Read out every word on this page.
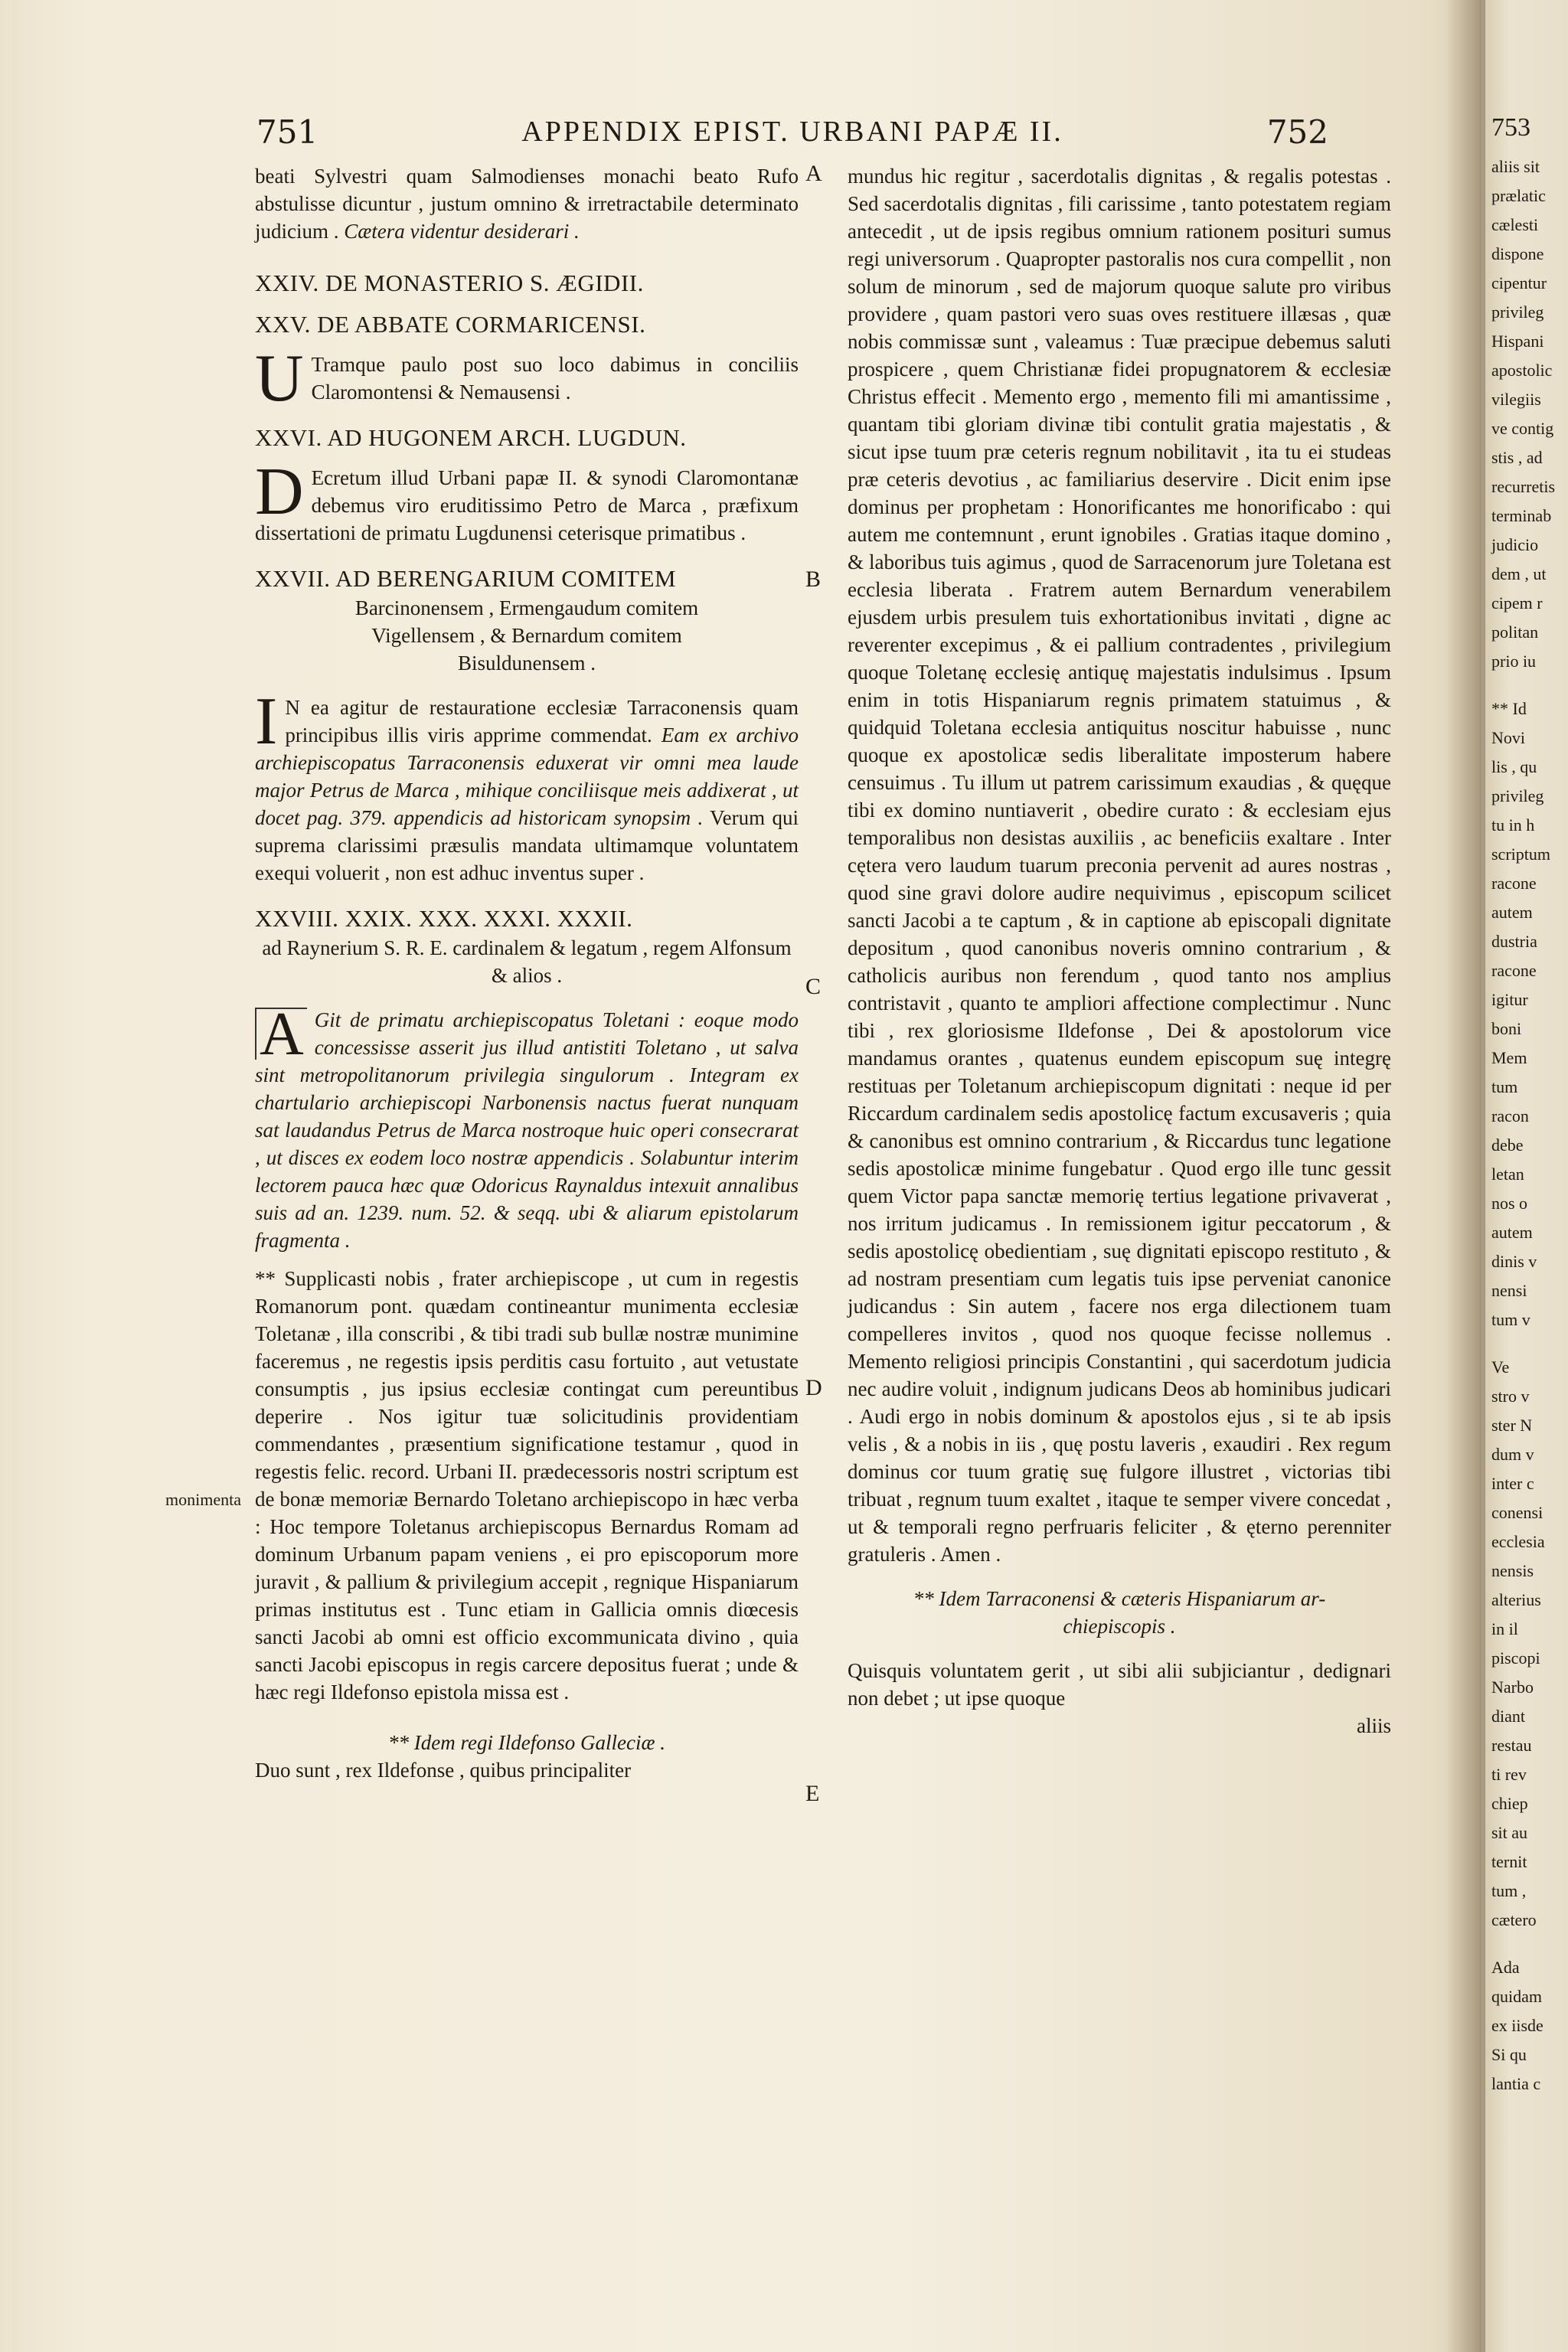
751	APPENDIX EPIST. URBANI PAPÆ II.	752
A
B
C
D
E
monimenta

beati Sylvestri quam Salmodienses monachi beato Rufo abstulisse dicuntur , justum omnino & irretractabile determinato judicium . Cætera videntur desiderari .

XXIV. DE MONASTERIO S. ÆGIDII.
XXV. DE ABBATE CORMARICENSI.

U Tramque paulo post suo loco dabimus in conciliis Claromontensi & Nemausensi .

XXVI. AD HUGONEM ARCH. LUGDUN.

D Ecretum illud Urbani papæ II. & synodi Claromontanæ debemus viro eruditissimo Petro de Marca , præfixum dissertationi de primatu Lugdunensi ceterisque primatibus .

XXVII. AD BERENGARIUM COMITEM

Barcinonensem , Ermengaudum comitem

Vigellensem , & Bernardum comitem

Bisuldunensem .

I N ea agitur de restauratione ecclesiæ Tarraconensis quam principibus illis viris apprime commendat. Eam ex archivo archiepiscopatus Tarraconensis eduxerat vir omni mea laude major Petrus de Marca , mihique conciliisque meis addixerat , ut docet pag. 379. appendicis ad historicam synopsim . Verum qui suprema clarissimi præsulis mandata ultimamque voluntatem exequi voluerit , non est adhuc inventus super .

XXVIII. XXIX. XXX. XXXI. XXXII.

ad Raynerium S. R. E. cardinalem & legatum , regem Alfonsum & alios .

A Git de primatu archiepiscopatus Toletani : eoque modo concessisse asserit jus illud antistiti Toletano , ut salva sint metropolitanorum privilegia singulorum . Integram ex chartulario archiepiscopi Narbonensis nactus fuerat nunquam sat laudandus Petrus de Marca nostroque huic operi consecrarat , ut disces ex eodem loco nostræ appendicis . Solabuntur interim lectorem pauca hæc quæ Odoricus Raynaldus intexuit annalibus suis ad an. 1239. num. 52. & seqq. ubi & aliarum epistolarum fragmenta .

** Supplicasti nobis , frater archiepiscope , ut cum in regestis Romanorum pont. quædam contineantur munimenta ecclesiæ Toletanæ , illa conscribi , & tibi tradi sub bullæ nostræ munimine faceremus , ne regestis ipsis perditis casu fortuito , aut vetustate consumptis , jus ipsius ecclesiæ contingat cum pereuntibus deperire . Nos igitur tuæ solicitudinis providentiam commendantes , præsentium significatione testamur , quod in regestis felic. record. Urbani II. prædecessoris nostri scriptum est de bonæ memoriæ Bernardo Toletano archiepiscopo in hæc verba : Hoc tempore Toletanus archiepiscopus Bernardus Romam ad dominum Urbanum papam veniens , ei pro episcoporum more juravit , & pallium & privilegium accepit , regnique Hispaniarum primas institutus est . Tunc etiam in Gallicia omnis diœcesis sancti Jacobi ab omni est officio excommunicata divino , quia sancti Jacobi episcopus in regis carcere depositus fuerat ; unde & hæc regi Ildefonso epistola missa est .

** Idem regi Ildefonso Galleciæ .

Duo sunt , rex Ildefonse , quibus principaliter

mundus hic regitur , sacerdotalis dignitas , & regalis potestas . Sed sacerdotalis dignitas , fili carissime , tanto potestatem regiam antecedit , ut de ipsis regibus omnium rationem positurі sumus regi universorum . Quapropter pastoralis nos cura compellit , non solum de minorum , sed de majorum quoque salute pro viribus providere , quam pastori vero suas oves restituere illæsas , quæ nobis commissæ sunt , valeamus : Tuæ præcipue debemus saluti prospicere , quem Christianæ fidei propugnatorem & ecclesiæ Christus effecit . Memento ergo , memento fili mi amantissime , quantam tibi gloriam divinæ tibi contulit gratia majestatis , & sicut ipse tuum præ ceteris regnum nobilitavit , ita tu ei studeas præ ceteris devotius , ac familiarius deservire . Dicit enim ipse dominus per prophetam : Honorificantes me honorificabo : qui autem me contemnunt , erunt ignobiles . Gratias itaque domino , & laboribus tuis agimus , quod de Sarracenorum jure Toletana est ecclesia liberata . Fratrem autem Bernardum venerabilem ejusdem urbis presulem tuis exhortationibus invitati , digne ac reverenter excepimus , & ei pallium contradentes , privilegium quoque Toletanę ecclesię antiquę majestatis indulsimus . Ipsum enim in totis Hispaniarum regnis primatem statuimus , & quidquid Toletana ecclesia antiquitus noscitur habuisse , nunc quoque ex apostolicæ sedis liberalitate imposterum habere censuimus . Tu illum ut patrem carissimum exaudias , & quęque tibi ex domino nuntiaverit , obedire curato : & ecclesiam ejus temporalibus non desistas auxiliis , ac beneficiis exaltare . Inter cętera vero laudum tuarum preconia pervenit ad aures nostras , quod sine gravi dolore audire nequivimus , episcopum scilicet sancti Jacobi a te captum , & in captione ab episcopali dignitate depositum , quod canonibus noveris omnino contrarium , & catholicis auribus non ferendum , quod tanto nos amplius contristavit , quanto te ampliori affectione complectimur . Nunc tibi , rex gloriosisme Ildefonse , Dei & apostolorum vice mandamus orantes , quatenus eundem episcopum suę integrę restituas per Toletanum archiepiscopum dignitati : neque id per Riccardum cardinalem sedis apostolicę factum excusaveris ; quia & canonibus est omnino contrarium , & Riccardus tunc legatione sedis apostolicæ minime fungebatur . Quod ergo ille tunc gessit quem Victor papa sanctæ memorię tertius legatione privaverat , nos irritum judicamus . In remissionem igitur peccatorum , & sedis apostolicę obedientiam , suę dignitati episcopo restituto , & ad nostram presentiam cum legatis tuis ipse perveniat canonice judicandus : Sin autem , facere nos erga dilectionem tuam compelleres invitos , quod nos quoque fecisse nollemus . Memento religiosi principis Constantini , qui sacerdotum judicia nec audire voluit , indignum judicans Deos ab hominibus judicari . Audi ergo in nobis dominum & apostolos ejus , si te ab ipsis velis , & a nobis in iis , quę postu laveris , exaudiri . Rex regum dominus cor tuum gratię suę fulgore illustret , victorias tibi tribuat , regnum tuum exaltet , itaque te semper vivere concedat , ut & temporali regno perfruaris feliciter , & ęterno perenniter gratuleris . Amen .

** Idem Tarraconensi & cæteris Hispaniarum ar-
chiepiscopis .

Quisquis voluntatem gerit , ut sibi alii subjiciantur , dedignari non debet ; ut ipse quoque

aliis

753
aliis sit
prælatic
cælesti
dispone
cipentur
privileg
Hispani
apostolic
vilegiis
ve contig
stis , ad
recurretis
terminab
judicio
dem , ut
cipem r
politan
prio iu
** Id
Novi
lis , qu
privileg
tu in h
scriptum
racone
autem
dustria
racone
igitur
boni
Mem
tum
racon
debe
letan
nos o
autem
dinis v
nensi
tum v
Ve
stro v
ster N
dum v
inter c
conensi
ecclesia
nensis
alterius
in il
piscopi
Narbo
diant
restau
ti rev
chiep
sit au
ternit
tum ,
cætero
Ada
quidam
ex iisde
Si qu
lantia c
